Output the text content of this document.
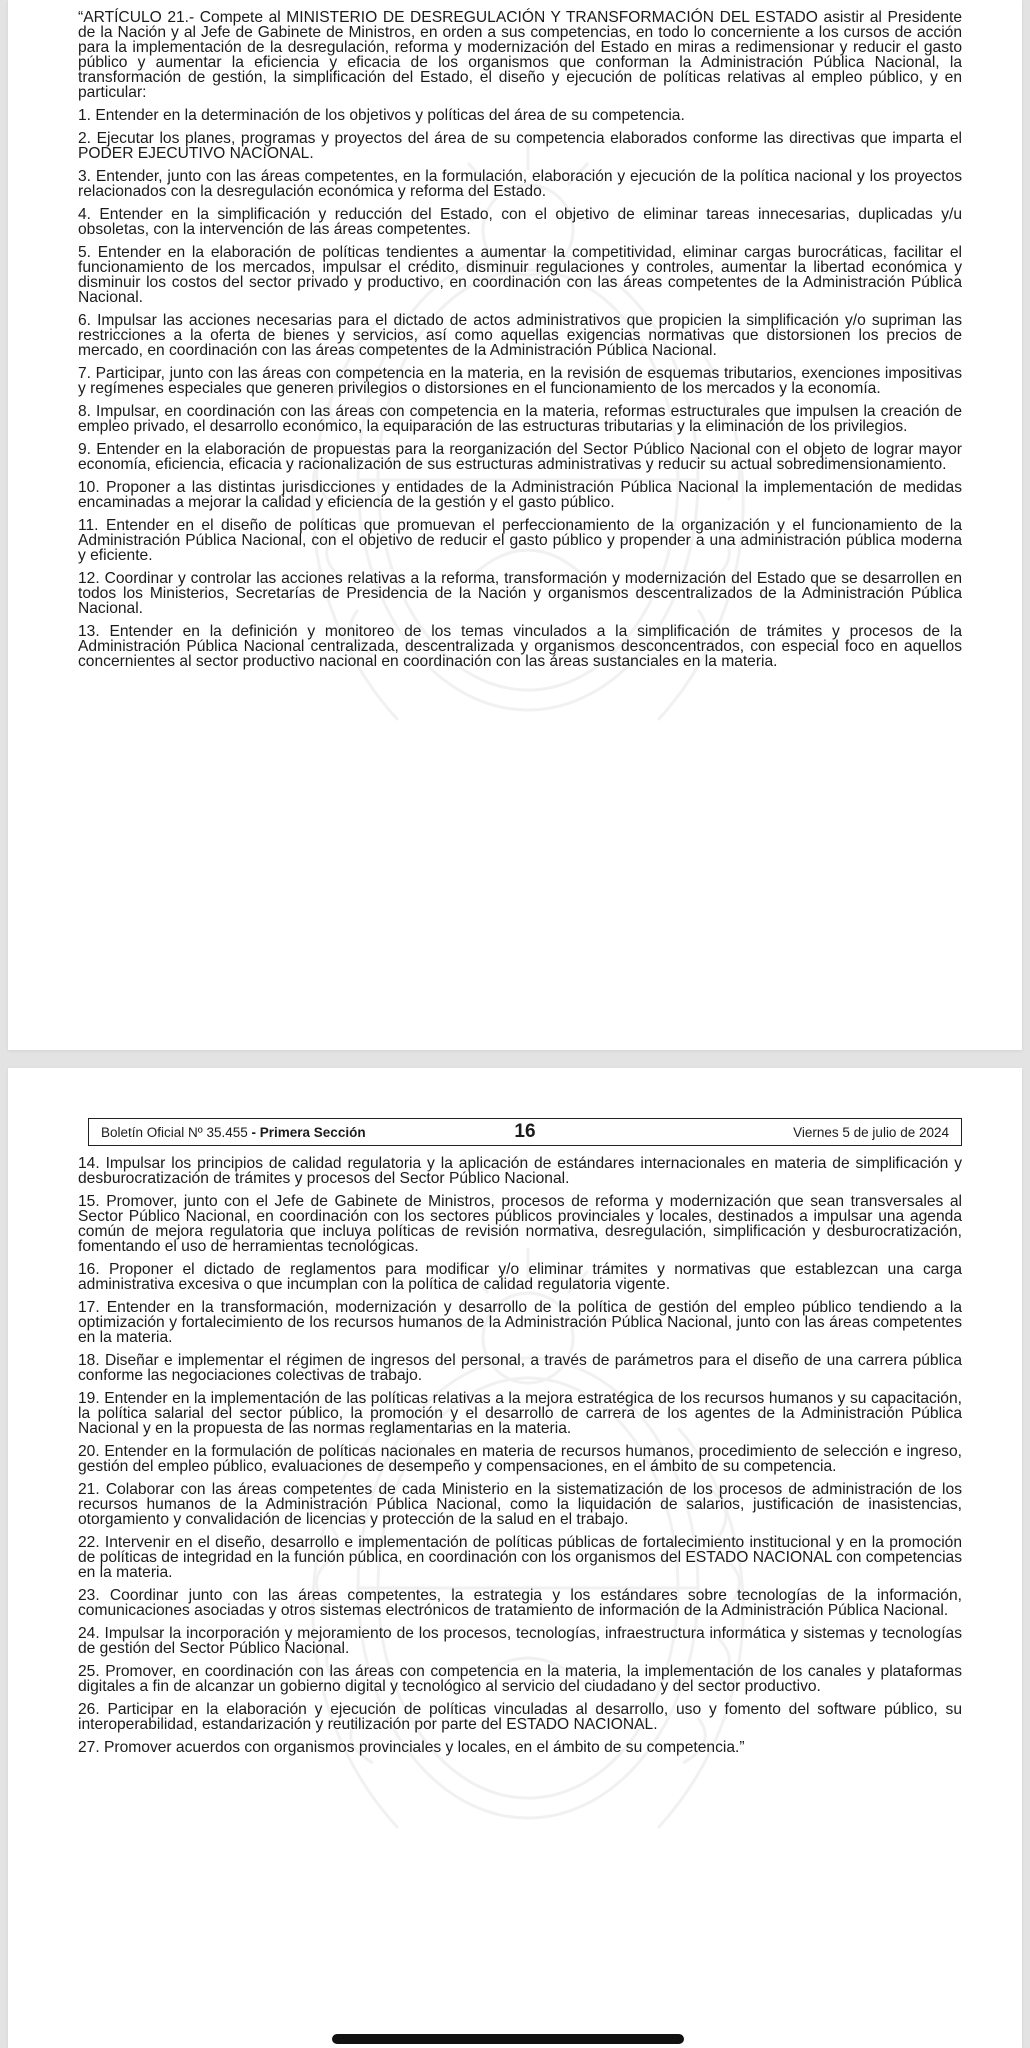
“ARTÍCULO 21.- Compete al MINISTERIO DE DESREGULACIÓN Y TRANSFORMACIÓN DEL ESTADO asistir al Presidente de la Nación y al Jefe de Gabinete de Ministros, en orden a sus competencias, en todo lo concerniente a los cursos de acción para la implementación de la desregulación, reforma y modernización del Estado en miras a redimensionar y reducir el gasto público y aumentar la eficiencia y eficacia de los organismos que conforman la Administración Pública Nacional, la transformación de gestión, la simplificación del Estado, el diseño y ejecución de políticas relativas al empleo público, y en particular:

1. Entender en la determinación de los objetivos y políticas del área de su competencia.

2. Ejecutar los planes, programas y proyectos del área de su competencia elaborados conforme las directivas que imparta el PODER EJECUTIVO NACIONAL.

3. Entender, junto con las áreas competentes, en la formulación, elaboración y ejecución de la política nacional y los proyectos relacionados con la desregulación económica y reforma del Estado.

4. Entender en la simplificación y reducción del Estado, con el objetivo de eliminar tareas innecesarias, duplicadas y/u obsoletas, con la intervención de las áreas competentes.

5. Entender en la elaboración de políticas tendientes a aumentar la competitividad, eliminar cargas burocráticas, facilitar el funcionamiento de los mercados, impulsar el crédito, disminuir regulaciones y controles, aumentar la libertad económica y disminuir los costos del sector privado y productivo, en coordinación con las áreas competentes de la Administración Pública Nacional.

6. Impulsar las acciones necesarias para el dictado de actos administrativos que propicien la simplificación y/o supriman las restricciones a la oferta de bienes y servicios, así como aquellas exigencias normativas que distorsionen los precios de mercado, en coordinación con las áreas competentes de la Administración Pública Nacional.

7. Participar, junto con las áreas con competencia en la materia, en la revisión de esquemas tributarios, exenciones impositivas y regímenes especiales que generen privilegios o distorsiones en el funcionamiento de los mercados y la economía.

8. Impulsar, en coordinación con las áreas con competencia en la materia, reformas estructurales que impulsen la creación de empleo privado, el desarrollo económico, la equiparación de las estructuras tributarias y la eliminación de los privilegios.

9. Entender en la elaboración de propuestas para la reorganización del Sector Público Nacional con el objeto de lograr mayor economía, eficiencia, eficacia y racionalización de sus estructuras administrativas y reducir su actual sobredimensionamiento.

10. Proponer a las distintas jurisdicciones y entidades de la Administración Pública Nacional la implementación de medidas encaminadas a mejorar la calidad y eficiencia de la gestión y el gasto público.

11. Entender en el diseño de políticas que promuevan el perfeccionamiento de la organización y el funcionamiento de la Administración Pública Nacional, con el objetivo de reducir el gasto público y propender a una administración pública moderna y eficiente.

12. Coordinar y controlar las acciones relativas a la reforma, transformación y modernización del Estado que se desarrollen en todos los Ministerios, Secretarías de Presidencia de la Nación y organismos descentralizados de la Administración Pública Nacional.

13. Entender en la definición y monitoreo de los temas vinculados a la simplificación de trámites y procesos de la Administración Pública Nacional centralizada, descentralizada y organismos desconcentrados, con especial foco en aquellos concernientes al sector productivo nacional en coordinación con las áreas sustanciales en la materia.

Boletín Oficial Nº 35.455 - Primera Sección	16	Viernes 5 de julio de 2024

14. Impulsar los principios de calidad regulatoria y la aplicación de estándares internacionales en materia de simplificación y desburocratización de trámites y procesos del Sector Público Nacional.

15. Promover, junto con el Jefe de Gabinete de Ministros, procesos de reforma y modernización que sean transversales al Sector Público Nacional, en coordinación con los sectores públicos provinciales y locales, destinados a impulsar una agenda común de mejora regulatoria que incluya políticas de revisión normativa, desregulación, simplificación y desburocratización, fomentando el uso de herramientas tecnológicas.

16. Proponer el dictado de reglamentos para modificar y/o eliminar trámites y normativas que establezcan una carga administrativa excesiva o que incumplan con la política de calidad regulatoria vigente.

17. Entender en la transformación, modernización y desarrollo de la política de gestión del empleo público tendiendo a la optimización y fortalecimiento de los recursos humanos de la Administración Pública Nacional, junto con las áreas competentes en la materia.

18. Diseñar e implementar el régimen de ingresos del personal, a través de parámetros para el diseño de una carrera pública conforme las negociaciones colectivas de trabajo.

19. Entender en la implementación de las políticas relativas a la mejora estratégica de los recursos humanos y su capacitación, la política salarial del sector público, la promoción y el desarrollo de carrera de los agentes de la Administración Pública Nacional y en la propuesta de las normas reglamentarias en la materia.

20. Entender en la formulación de políticas nacionales en materia de recursos humanos, procedimiento de selección e ingreso, gestión del empleo público, evaluaciones de desempeño y compensaciones, en el ámbito de su competencia.

21. Colaborar con las áreas competentes de cada Ministerio en la sistematización de los procesos de administración de los recursos humanos de la Administración Pública Nacional, como la liquidación de salarios, justificación de inasistencias, otorgamiento y convalidación de licencias y protección de la salud en el trabajo.

22. Intervenir en el diseño, desarrollo e implementación de políticas públicas de fortalecimiento institucional y en la promoción de políticas de integridad en la función pública, en coordinación con los organismos del ESTADO NACIONAL con competencias en la materia.

23. Coordinar junto con las áreas competentes, la estrategia y los estándares sobre tecnologías de la información, comunicaciones asociadas y otros sistemas electrónicos de tratamiento de información de la Administración Pública Nacional.

24. Impulsar la incorporación y mejoramiento de los procesos, tecnologías, infraestructura informática y sistemas y tecnologías de gestión del Sector Público Nacional.

25. Promover, en coordinación con las áreas con competencia en la materia, la implementación de los canales y plataformas digitales a fin de alcanzar un gobierno digital y tecnológico al servicio del ciudadano y del sector productivo.

26. Participar en la elaboración y ejecución de políticas vinculadas al desarrollo, uso y fomento del software público, su interoperabilidad, estandarización y reutilización por parte del ESTADO NACIONAL.

27. Promover acuerdos con organismos provinciales y locales, en el ámbito de su competencia.”
